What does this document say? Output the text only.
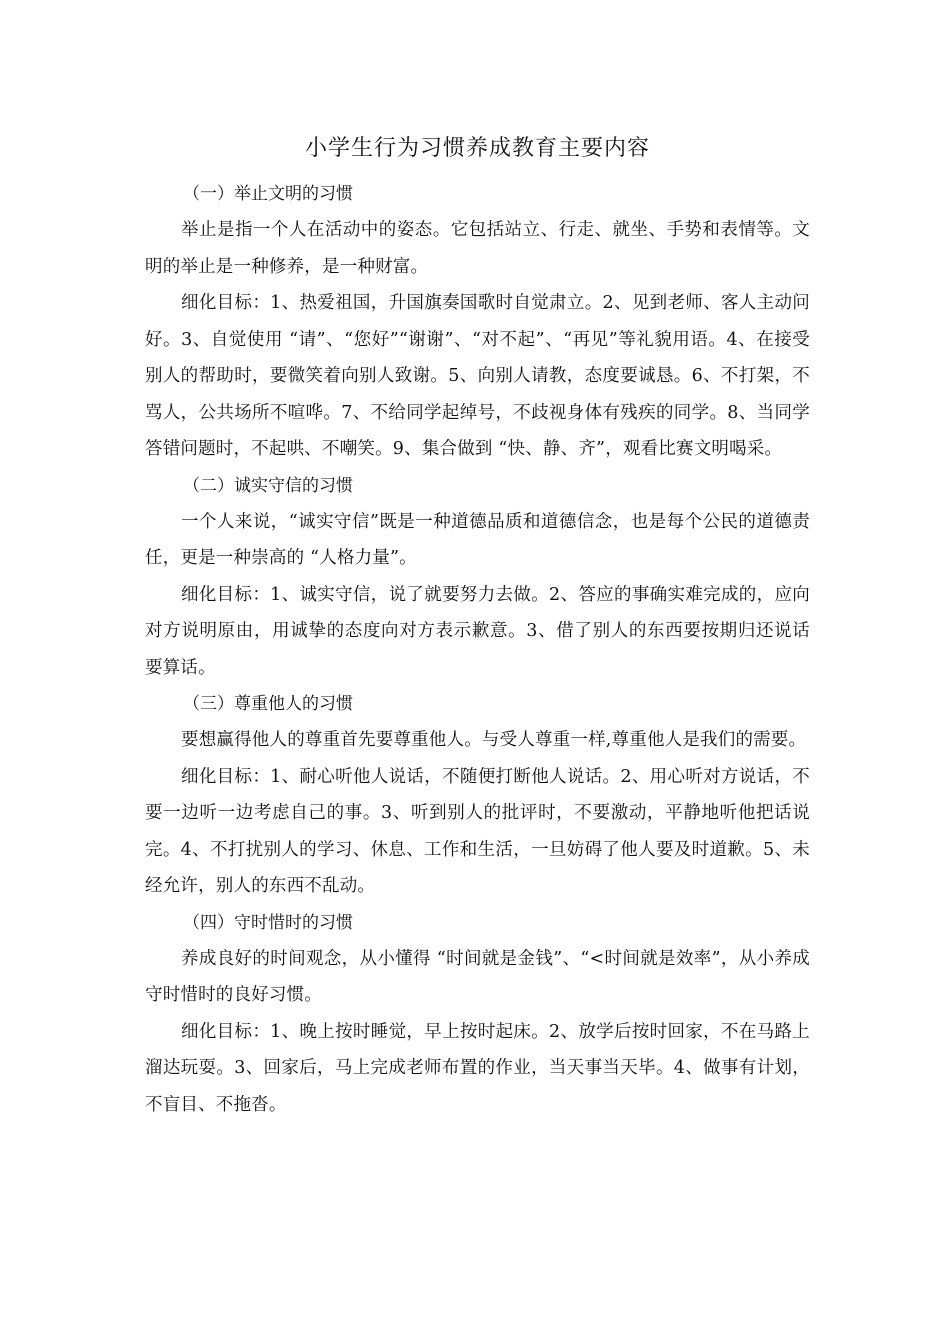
小学生行为习惯养成教育主要内容

（一）举止文明的习惯

举止是指一个人在活动中的姿态。它包括站立、行走、就坐、手势和表情等。文明的举止是一种修养，是一种财富。

细化目标：1、热爱祖国，升国旗奏国歌时自觉肃立。2、见到老师、客人主动问好。3、自觉使用 “请”、“您好”“谢谢”、“对不起”、“再见”等礼貌用语。4、在接受别人的帮助时，要微笑着向别人致谢。5、向别人请教，态度要诚恳。6、不打架，不骂人，公共场所不喧哗。7、不给同学起绰号，不歧视身体有残疾的同学。8、当同学答错问题时，不起哄、不嘲笑。9、集合做到 “快、静、齐”，观看比赛文明喝采。

（二）诚实守信的习惯

一个人来说，“诚实守信”既是一种道德品质和道德信念，也是每个公民的道德责任，更是一种崇高的 “人格力量”。

细化目标：1、诚实守信，说了就要努力去做。2、答应的事确实难完成的，应向对方说明原由，用诚挚的态度向对方表示歉意。3、借了别人的东西要按期归还说话要算话。

（三）尊重他人的习惯

要想赢得他人的尊重首先要尊重他人。与受人尊重一样,尊重他人是我们的需要。

细化目标：1、耐心听他人说话，不随便打断他人说话。2、用心听对方说话，不要一边听一边考虑自己的事。3、听到别人的批评时，不要激动，平静地听他把话说完。4、不打扰别人的学习、休息、工作和生活，一旦妨碍了他人要及时道歉。5、未经允许，别人的东西不乱动。

（四）守时惜时的习惯

养成良好的时间观念，从小懂得 “时间就是金钱”、“<时间就是效率”，从小养成守时惜时的良好习惯。

细化目标：1、晚上按时睡觉，早上按时起床。2、放学后按时回家，不在马路上溜达玩耍。3、回家后，马上完成老师布置的作业，当天事当天毕。4、做事有计划，不盲目、不拖沓。
